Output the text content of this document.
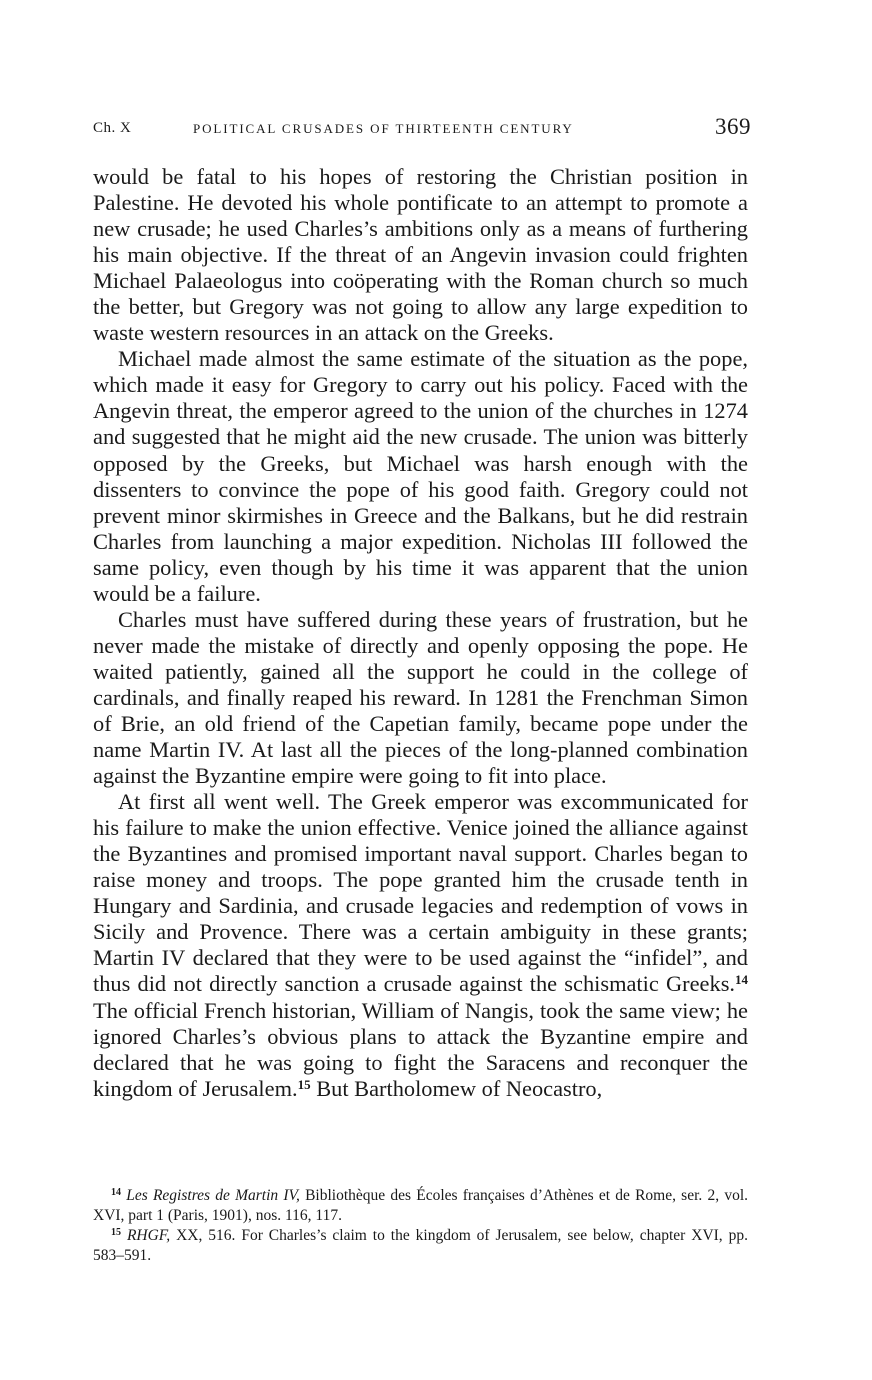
Ch. X	POLITICAL CRUSADES OF THIRTEENTH CENTURY	369

would be fatal to his hopes of restoring the Christian position in Palestine. He devoted his whole pontificate to an attempt to promote a new crusade; he used Charles’s ambitions only as a means of furthering his main objective. If the threat of an Angevin invasion could frighten Michael Palaeologus into coöperating with the Roman church so much the better, but Gregory was not going to allow any large expedition to waste western resources in an attack on the Greeks.

Michael made almost the same estimate of the situation as the pope, which made it easy for Gregory to carry out his policy. Faced with the Angevin threat, the emperor agreed to the union of the churches in 1274 and suggested that he might aid the new crusade. The union was bitterly opposed by the Greeks, but Michael was harsh enough with the dissenters to convince the pope of his good faith. Gregory could not prevent minor skirmishes in Greece and the Balkans, but he did restrain Charles from launching a major expedition. Nicholas III followed the same policy, even though by his time it was apparent that the union would be a failure.

Charles must have suffered during these years of frustration, but he never made the mistake of directly and openly opposing the pope. He waited patiently, gained all the support he could in the college of cardinals, and finally reaped his reward. In 1281 the Frenchman Simon of Brie, an old friend of the Capetian family, became pope under the name Martin IV. At last all the pieces of the long-planned combination against the Byzantine empire were going to fit into place.

At first all went well. The Greek emperor was excommunicated for his failure to make the union effective. Venice joined the alliance against the Byzantines and promised important naval support. Charles began to raise money and troops. The pope granted him the crusade tenth in Hungary and Sardinia, and crusade legacies and redemption of vows in Sicily and Provence. There was a certain ambiguity in these grants; Martin IV declared that they were to be used against the “infidel”, and thus did not directly sanction a crusade against the schismatic Greeks.$^{14}$ The official French historian, William of Nangis, took the same view; he ignored Charles’s obvious plans to attack the Byzantine empire and declared that he was going to fight the Saracens and reconquer the kingdom of Jerusalem.$^{15}$ But Bartholomew of Neocastro,

$^{14}$ Les Registres de Martin IV, Bibliothèque des Écoles françaises d’Athènes et de Rome, ser. 2, vol. XVI, part 1 (Paris, 1901), nos. 116, 117.

$^{15}$ RHGF, XX, 516. For Charles’s claim to the kingdom of Jerusalem, see below, chapter XVI, pp. 583–591.
